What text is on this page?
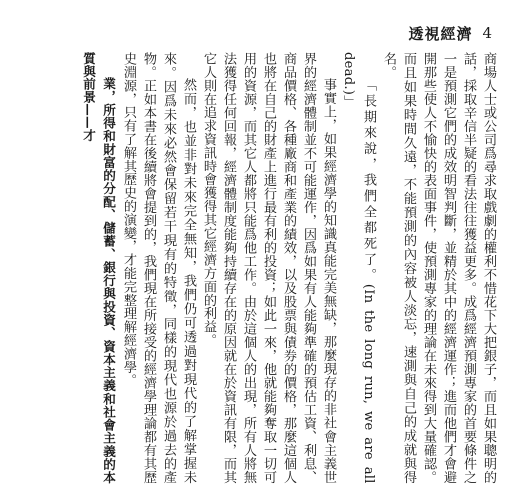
透視經濟 4

商場人士或公司爲尋求取戲劇的權利不惜花下大把銀子，而且如果聰明的話，採取辛信半疑的看法往往獲益更多。成爲經濟預測專家的首要條件之一是預測它們的成效明智判斷，並精於其中的經濟運作；進而他們才會避開那些使人不愉快的表面事件，使預測專家的理論在未來得到大量確認。而且如果時間久遠，不能預測的內容被人淡忘，速測與自己的成就與得名。

「長期來說，我們全都死了。(In the long run, we are all dead.)」

事實上，如果經濟學的知識真能完美無缺，那麼現存的非社會主義世界的經濟體制並不可能運作，因爲如果有人能夠準確的預估工資、利息、商品價格、各種廠商和產業的績效，以及股票與債券的價格，那麼這個人也將在自己的財產上進行最有利的投資；如此一來，他就能夠奪取一切可用的資源，而其它人都將只能爲他工作。由於這個人的出現，所有人將無法獲得任何回報，經濟體制度能夠持續存在的原因就在於資訊有限，而其它人則在追求資訊時會獲得其它經濟方面的利益。

然而，也並非對未來完全無知，我們仍可透過對現代的了解掌握未來。因爲未來必然會保留若干現有的特徵，同樣的現代也源於過去的產物。正如本書在後續將會提到的，我們現在所接受的經濟學理論都有其歷史淵源，只有了解其歷史的演變，才能完整理解經濟學。

業，所得和財富的分配、儲蓄、銀行與投資、資本主義和社會主義的本質與前景——才
